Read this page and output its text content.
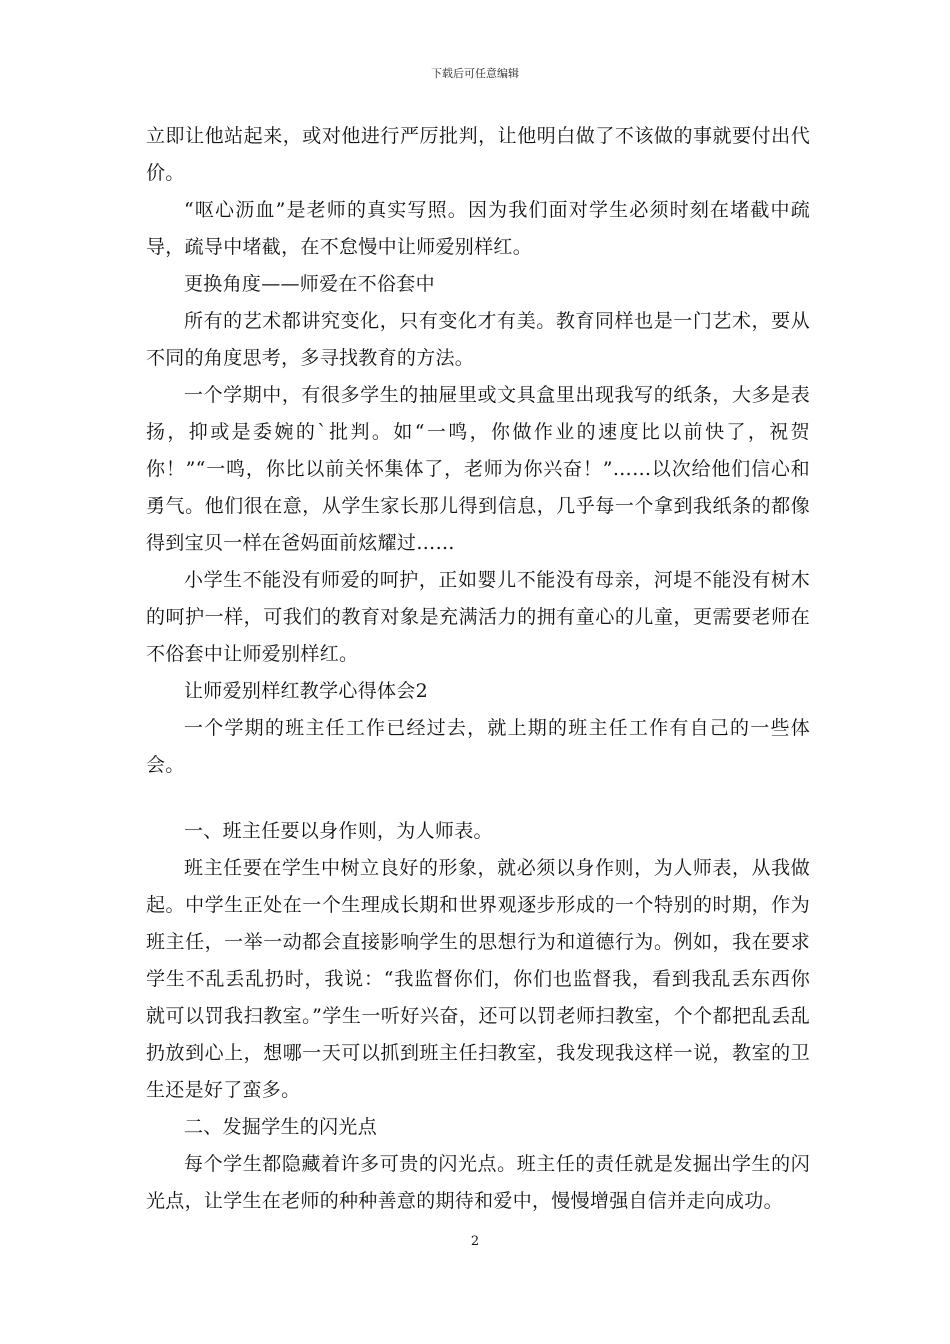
下载后可任意编辑

立即让他站起来，或对他进行严厉批判，让他明白做了不该做的事就要付出代价。

“呕心沥血”是老师的真实写照。因为我们面对学生必须时刻在堵截中疏导，疏导中堵截，在不怠慢中让师爱别样红。

更换角度——师爱在不俗套中

所有的艺术都讲究变化，只有变化才有美。教育同样也是一门艺术，要从不同的角度思考，多寻找教育的方法。

一个学期中，有很多学生的抽屉里或文具盒里出现我写的纸条，大多是表扬，抑或是委婉的`批判。如“一鸣，你做作业的速度比以前快了，祝贺你！”“一鸣，你比以前关怀集体了，老师为你兴奋！”……以次给他们信心和勇气。他们很在意，从学生家长那儿得到信息，几乎每一个拿到我纸条的都像得到宝贝一样在爸妈面前炫耀过……

小学生不能没有师爱的呵护，正如婴儿不能没有母亲，河堤不能没有树木的呵护一样，可我们的教育对象是充满活力的拥有童心的儿童，更需要老师在不俗套中让师爱别样红。

让师爱别样红教学心得体会2

一个学期的班主任工作已经过去，就上期的班主任工作有自己的一些体会。

一、班主任要以身作则，为人师表。

班主任要在学生中树立良好的形象，就必须以身作则，为人师表，从我做起。中学生正处在一个生理成长期和世界观逐步形成的一个特别的时期，作为班主任，一举一动都会直接影响学生的思想行为和道德行为。例如，我在要求学生不乱丢乱扔时，我说：“我监督你们，你们也监督我，看到我乱丢东西你就可以罚我扫教室。”学生一听好兴奋，还可以罚老师扫教室，个个都把乱丢乱扔放到心上，想哪一天可以抓到班主任扫教室，我发现我这样一说，教室的卫生还是好了蛮多。

二、发掘学生的闪光点

每个学生都隐藏着许多可贵的闪光点。班主任的责任就是发掘出学生的闪光点，让学生在老师的种种善意的期待和爱中，慢慢增强自信并走向成功。

2
